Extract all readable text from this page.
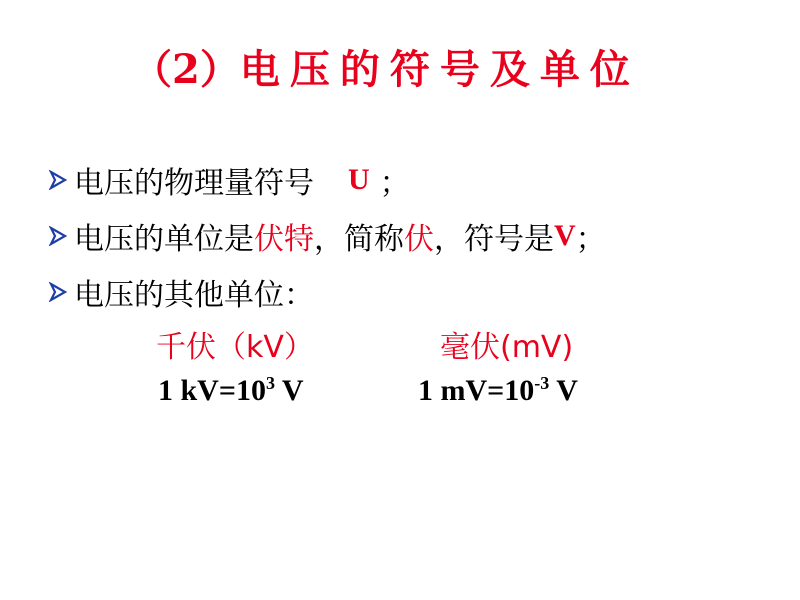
（2）电压的符号及单位
电压的物理量符号 U ；
电压的单位是 伏特 ，简称 伏 ，符号是 V ；
电压的其他单位：
千伏（kV）	毫伏(mV)
1 $kV=10^3$ V	1 $mV=10^{-3}$ V
